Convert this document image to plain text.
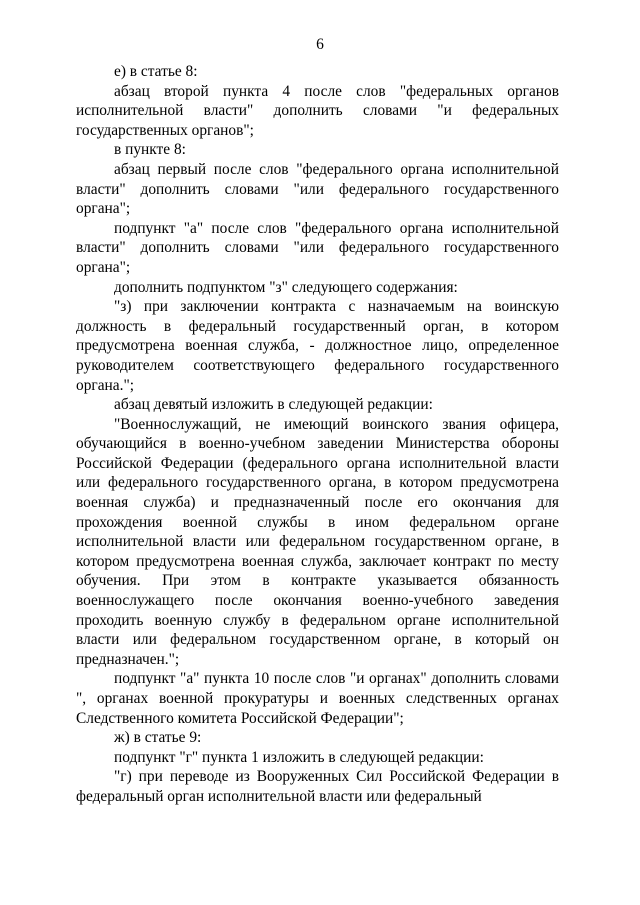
6

е) в статье 8:

абзац второй пункта 4 после слов "федеральных органов исполнительной власти" дополнить словами "и федеральных государственных органов";

в пункте 8:

абзац первый после слов "федерального органа исполнительной власти" дополнить словами "или федерального государственного органа";

подпункт "а" после слов "федерального органа исполнительной власти" дополнить словами "или федерального государственного органа";

дополнить подпунктом "з" следующего содержания:

"з) при заключении контракта с назначаемым на воинскую должность в федеральный государственный орган, в котором предусмотрена военная служба, - должностное лицо, определенное руководителем соответствующего федерального государственного органа.";

абзац девятый изложить в следующей редакции:

"Военнослужащий, не имеющий воинского звания офицера, обучающийся в военно-учебном заведении Министерства обороны Российской Федерации (федерального органа исполнительной власти или федерального государственного органа, в котором предусмотрена военная служба) и предназначенный после его окончания для прохождения военной службы в ином федеральном органе исполнительной власти или федеральном государственном органе, в котором предусмотрена военная служба, заключает контракт по месту обучения. При этом в контракте указывается обязанность военнослужащего после окончания военно-учебного заведения проходить военную службу в федеральном органе исполнительной власти или федеральном государственном органе, в который он предназначен.";

подпункт "а" пункта 10 после слов "и органах" дополнить словами ", органах военной прокуратуры и военных следственных органах Следственного комитета Российской Федерации";

ж) в статье 9:

подпункт "г" пункта 1 изложить в следующей редакции:

"г) при переводе из Вооруженных Сил Российской Федерации в федеральный орган исполнительной власти или федеральный
